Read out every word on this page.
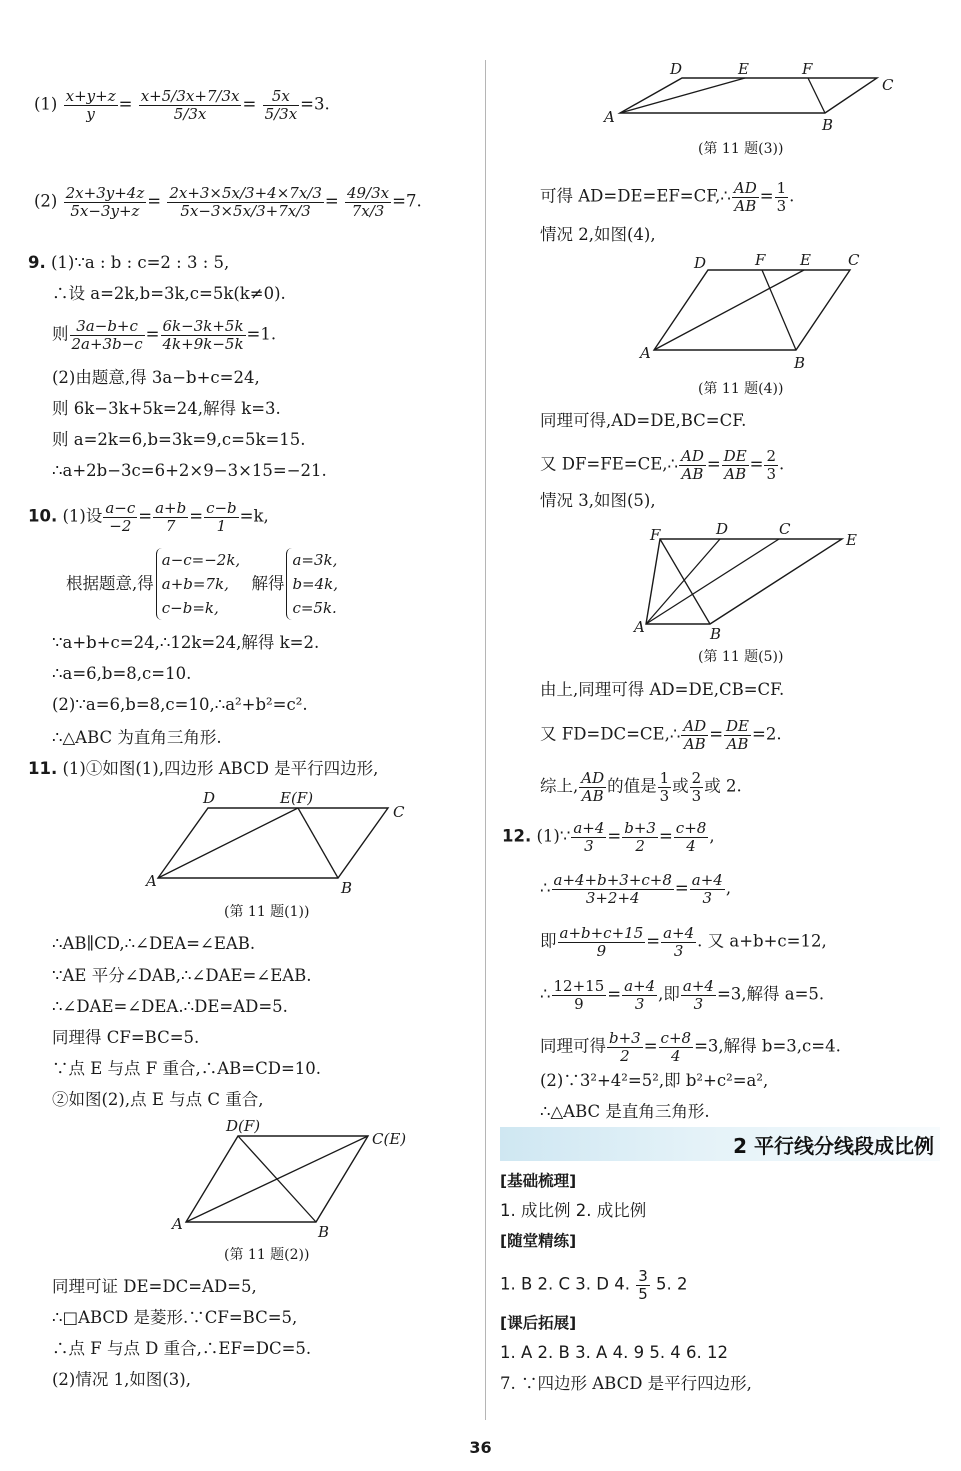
$(1) \frac{x+y+z}{y} = \frac{x+5/3x+7/3x}{5/3x} = \frac{5x}{5/3x} =3$.
$(2) \frac{2x+3y+4z}{5x-3y+z} = \frac{2x+3\times 5x/3+4\times 7x/3}{5x-3\times 5x/3+7x/3} = \frac{49/3x}{7x/3} =7$.
9. (1)∵a : b : c=2 : 3 : 5,
∴设 a=2k,b=3k,c=5k(k≠0).
则 $\frac{3a-b+c}{2a+3b-c} = \frac{6k-3k+5k}{4k+9k-5k} =1$.
(2)由题意,得 3a−b+c=24,
则 6k−3k+5k=24,解得 k=3.
则 a=2k=6,b=3k=9,c=5k=15.
∴a+2b−3c=6+2×9−3×15=−21.
10. (1)设 $\frac{a-c}{-2} = \frac{a+b}{7} = \frac{c-b}{1} =k$,
根据题意,得
a−c=−2k,
a+b=7k,
c−b=k,
解得
a=3k,
b=4k,
c=5k.
∵a+b+c=24,∴12k=24,解得 k=2.
∴a=6,b=8,c=10.
(2)∵a=6,b=8,c=10,∴a²+b²=c².
∴△ABC 为直角三角形.
11. (1)①如图(1),四边形 ABCD 是平行四边形,
D	E(F)
C
A	B
(第 11 题(1))
∴AB∥CD,∴∠DEA=∠EAB.
∵AE 平分∠DAB,∴∠DAE=∠EAB.
∴∠DAE=∠DEA.∴DE=AD=5.
同理得 CF=BC=5.
∵点 E 与点 F 重合,∴AB=CD=10.
②如图(2),点 E 与点 C 重合,
D(F)
C(E)
A	B
(第 11 题(2))
同理可证 DE=DC=AD=5,
∴□ABCD 是菱形.∵CF=BC=5,
∴点 F 与点 D 重合,∴EF=DC=5.
(2)情况 1,如图(3),
D	E	F
C
A	B
(第 11 题(3))
可得 AD=DE=EF=CF,∴ $\frac{AD}{AB} = \frac{1}{3}$ .
情况 2,如图(4),
D	F E C
A
B
(第 11 题(4))
同理可得,AD=DE,BC=CF.
又 DF=FE=CE,∴ $\frac{AD}{AB} = \frac{DE}{AB} = \frac{2}{3}$ .
情况 3,如图(5),
F	D	C
E
A	B
(第 11 题(5))
由上,同理可得 AD=DE,CB=CF.
又 FD=DC=CE,∴ $\frac{AD}{AB} = \frac{DE}{AB} =2$.
综上, $\frac{AD}{AB}$ 的值是 $\frac{1}{3}$ 或 $\frac{2}{3}$ 或 2.
12. (1)∵ $\frac{a+4}{3} = \frac{b+3}{2} = \frac{c+8}{4}$ ,
∴ $\frac{a+4+b+3+c+8}{3+2+4} = \frac{a+4}{3}$ ,
即 $\frac{a+b+c+15}{9} = \frac{a+4}{3}$ . 又 a+b+c=12,
∴ $\frac{12+15}{9} = \frac{a+4}{3}$ ,即 $\frac{a+4}{3} =3$,解得 a=5.
同理可得 $\frac{b+3}{2} = \frac{c+8}{4} =3$,解得 b=3,c=4.
(2)∵3²+4²=5²,即 b²+c²=a²,
∴△ABC 是直角三角形.
2 平行线分线段成比例
[基础梳理]
1. 成比例 2. 成比例
[随堂精练]
1. B 2. C 3. D 4. $\frac{3}{5} 5$. 2
[课后拓展]
1. A 2. B 3. A 4. 9 5. 4 6. 12
7. ∵四边形 ABCD 是平行四边形,
36
